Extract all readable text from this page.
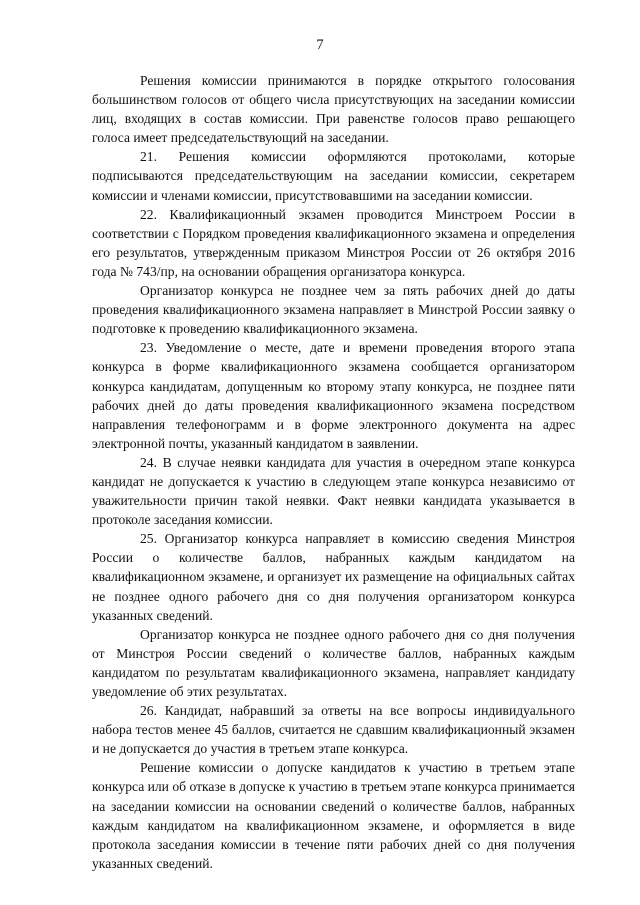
7

Решения комиссии принимаются в порядке открытого голосования большинством голосов от общего числа присутствующих на заседании комиссии лиц, входящих в состав комиссии. При равенстве голосов право решающего голоса имеет председательствующий на заседании.

21. Решения комиссии оформляются протоколами, которые подписываются председательствующим на заседании комиссии, секретарем комиссии и членами комиссии, присутствовавшими на заседании комиссии.

22. Квалификационный экзамен проводится Минстроем России в соответствии с Порядком проведения квалификационного экзамена и определения его результатов, утвержденным приказом Минстроя России от 26 октября 2016 года № 743/пр, на основании обращения организатора конкурса.

Организатор конкурса не позднее чем за пять рабочих дней до даты проведения квалификационного экзамена направляет в Минстрой России заявку о подготовке к проведению квалификационного экзамена.

23. Уведомление о месте, дате и времени проведения второго этапа конкурса в форме квалификационного экзамена сообщается организатором конкурса кандидатам, допущенным ко второму этапу конкурса, не позднее пяти рабочих дней до даты проведения квалификационного экзамена посредством направления телефонограмм и в форме электронного документа на адрес электронной почты, указанный кандидатом в заявлении.

24. В случае неявки кандидата для участия в очередном этапе конкурса кандидат не допускается к участию в следующем этапе конкурса независимо от уважительности причин такой неявки. Факт неявки кандидата указывается в протоколе заседания комиссии.

25. Организатор конкурса направляет в комиссию сведения Минстроя России о количестве баллов, набранных каждым кандидатом на квалификационном экзамене, и организует их размещение на официальных сайтах не позднее одного рабочего дня со дня получения организатором конкурса указанных сведений.

Организатор конкурса не позднее одного рабочего дня со дня получения от Минстроя России сведений о количестве баллов, набранных каждым кандидатом по результатам квалификационного экзамена, направляет кандидату уведомление об этих результатах.

26. Кандидат, набравший за ответы на все вопросы индивидуального набора тестов менее 45 баллов, считается не сдавшим квалификационный экзамен и не допускается до участия в третьем этапе конкурса.

Решение комиссии о допуске кандидатов к участию в третьем этапе конкурса или об отказе в допуске к участию в третьем этапе конкурса принимается на заседании комиссии на основании сведений о количестве баллов, набранных каждым кандидатом на квалификационном экзамене, и оформляется в виде протокола заседания комиссии в течение пяти рабочих дней со дня получения указанных сведений.
